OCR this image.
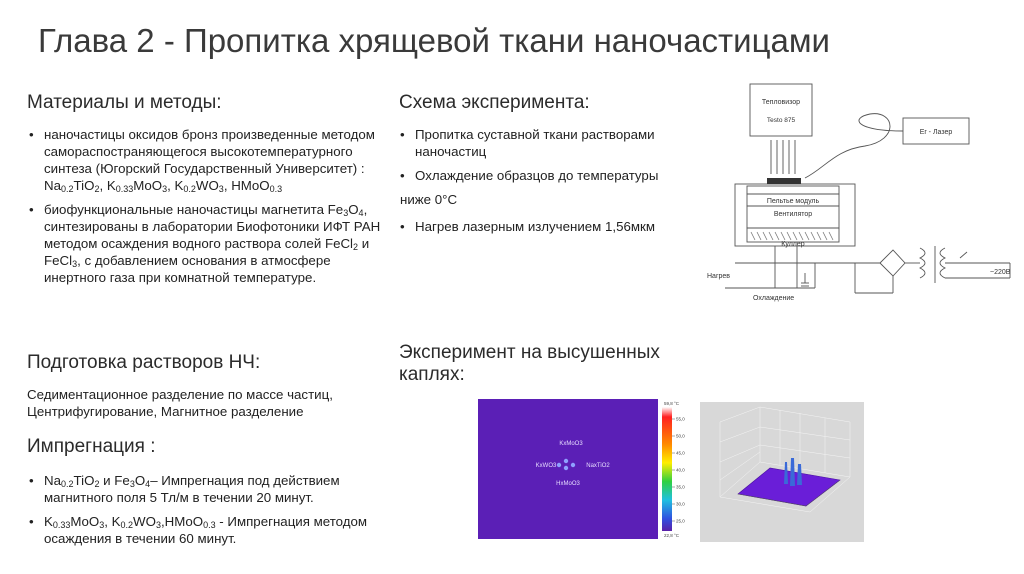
Глава 2 - Пропитка хрящевой ткани наночастицами
Материалы и методы:
• наночастицы оксидов бронз произведенные методом самораспостраняющегося высокотемпературного синтеза (Югорский Государственный Университет) : $Na_{0.2}TiO_2$, $K_{0.33}MoO_3$, $K_{0.2}WO_3$, HMoO$_{0.3}$
• биофункциональные наночастицы магнетита $Fe_3O_4$, синтезированы в лаборатории Биофотоники ИФТ РАН методом осаждения водного раствора солей FeCl$_2$ и FeCl$_3$, с добавлением основания в атмосфере инертного газа при комнатной температуре.
Подготовка растворов НЧ:
Седиментационное разделение по массе частиц, Центрифугирование, Магнитное разделение
Импрегнация :
• $Na_{0.2}TiO_2$ и $Fe_3O_4-$ Импрегнация под действием магнитного поля 5 Тл/м в течении 20 минут.
• $K_{0.33}MoO_3$, $K_{0.2}WO_3,HMoO_{0.3}$ - Импрегнация методом осаждения в течении 60 минут.
Схема эксперимента:
• Пропитка суставной ткани растворами наночастиц
• Охлаждение образцов до температуры
ниже 0°С
• Нагрев лазерным излучением 1,56мкм
Эксперимент на высушенных каплях:
Тепловизор
Testo 875
Er - Лазер
Пельтье модуль
Вентилятор
Куллер
Нагрев
Охлаждение
~220В
KxMoO3
KxWO3	NaxTiO2
HxMoO3
59,8 °C
22,8 °C
55,0
50,0
45,0
40,0
35,0
30,0
25,0
